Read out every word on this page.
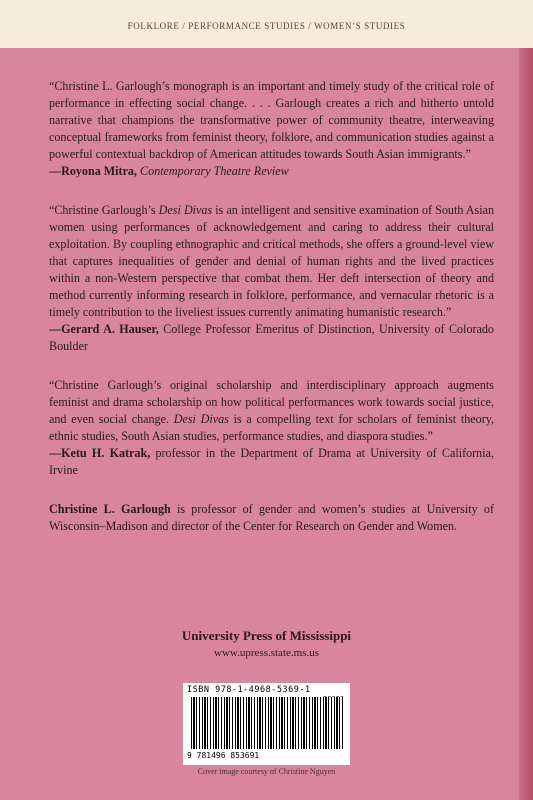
FOLKLORE / PERFORMANCE STUDIES / WOMEN’S STUDIES

“Christine L. Garlough’s monograph is an important and timely study of the critical role of performance in effecting social change. . . . Garlough creates a rich and hitherto untold narrative that champions the transformative power of community theatre, interweaving conceptual frameworks from feminist theory, folklore, and communication studies against a powerful contextual backdrop of American attitudes towards South Asian immigrants.”

—Royona Mitra, Contemporary Theatre Review

“Christine Garlough’s Desi Divas is an intelligent and sensitive examination of South Asian women using performances of acknowledgement and caring to address their cultural exploitation. By coupling ethnographic and critical methods, she offers a ground-level view that captures inequalities of gender and denial of human rights and the lived practices within a non-Western perspective that combat them. Her deft intersection of theory and method currently informing research in folklore, performance, and vernacular rhetoric is a timely contribution to the liveliest issues currently animating humanistic research.”

—Gerard A. Hauser, College Professor Emeritus of Distinction, University of Colorado Boulder

“Christine Garlough’s original scholarship and interdisciplinary approach augments feminist and drama scholarship on how political performances work towards social justice, and even social change. Desi Divas is a compelling text for scholars of feminist theory, ethnic studies, South Asian studies, performance studies, and diaspora studies.”

—Ketu H. Katrak, professor in the Department of Drama at University of California, Irvine

Christine L. Garlough is professor of gender and women’s studies at University of Wisconsin–Madison and director of the Center for Research on Gender and Women.

University Press of Mississippi
www.upress.state.ms.us
ISBN 978-1-4968-5369-1
9 781496 853691
Cover image courtesy of Christine Nguyen
